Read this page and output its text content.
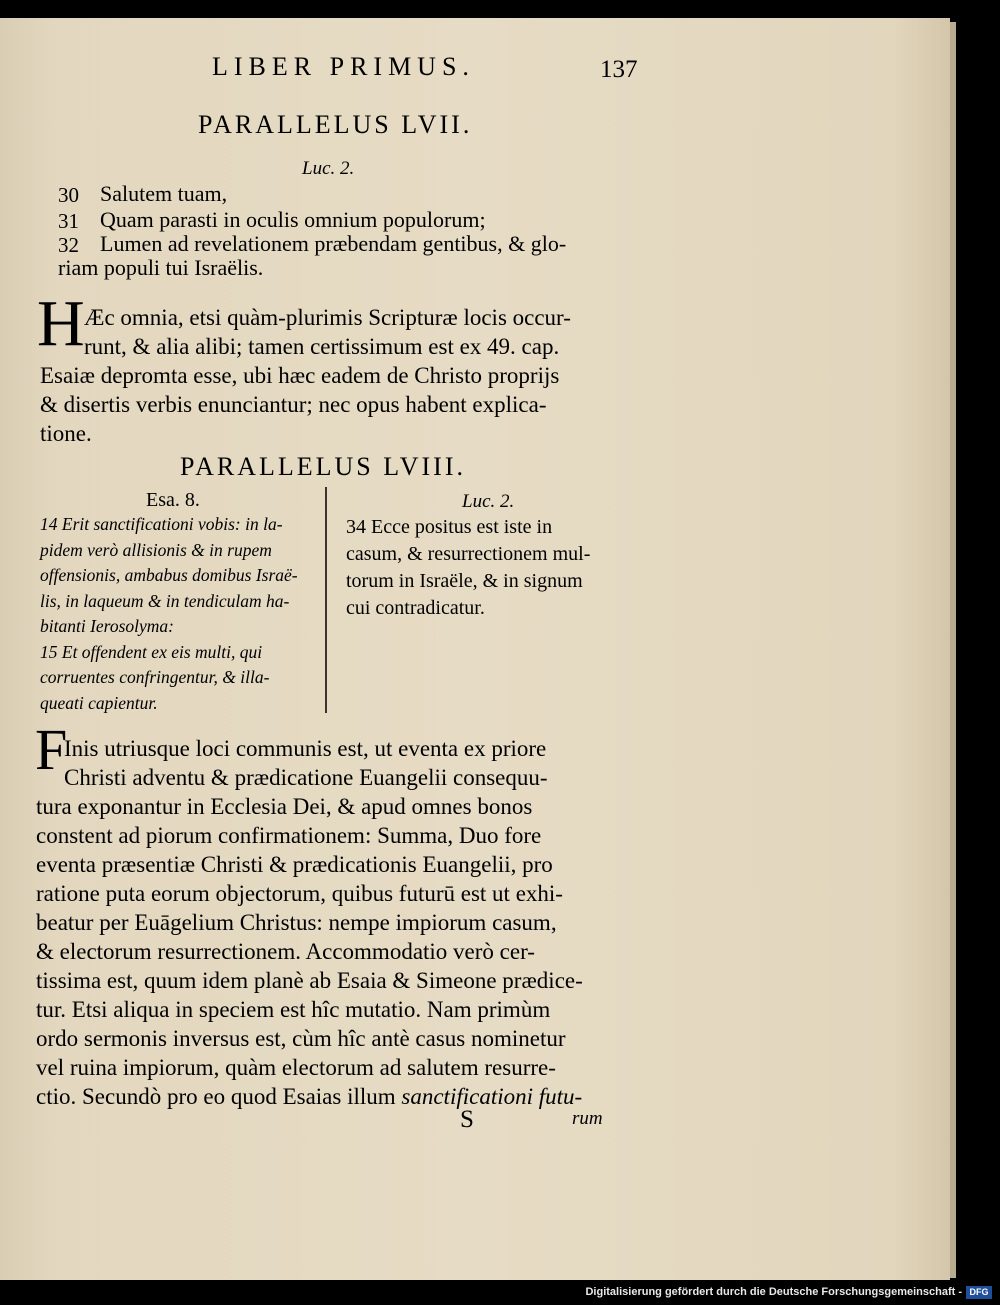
LIBER PRIMUS.	137
PARALLELUS LVII.
Luc. 2.
30 Salutem tuam,
31 Quam parasti in oculis omnium populorum;
32 Lumen ad revelationem præbendam gentibus, & glo-
riam populi tui Israëlis.
H Æc omnia, etsi quàm-plurimis Scripturæ locis occur-
runt, & alia alibi; tamen certissimum est ex 49. cap.
Esaiæ depromta esse, ubi hæc eadem de Christo proprijs
& disertis verbis enunciantur; nec opus habent explica-
tione.
PARALLELUS LVIII.
Esa. 8.	Luc. 2.
14 Erit sanctificationi vobis: in la-
pidem verò allisionis & in rupem
offensionis, ambabus domibus Israë-
lis, in laqueum & in tendiculam ha-
bitanti Ierosolyma:
15 Et offendent ex eis multi, qui
corruentes confringentur, & illa-
queati capientur.
34 Ecce positus est iste in
casum, & resurrectionem mul-
torum in Israële, & in signum
cui contradicatur.
F
Inis utriusque loci communis est, ut eventa ex priore
Christi adventu & prædicatione Euangelii consequu-
tura exponantur in Ecclesia Dei, & apud omnes bonos
constent ad piorum confirmationem: Summa, Duo fore
eventa præsentiæ Christi & prædicationis Euangelii, pro
ratione puta eorum objectorum, quibus futurū est ut exhi-
beatur per Euāgelium Christus: nempe impiorum casum,
& electorum resurrectionem. Accommodatio verò cer-
tissima est, quum idem planè ab Esaia & Simeone prædice-
tur. Etsi aliqua in speciem est hîc mutatio. Nam primùm
ordo sermonis inversus est, cùm hîc antè casus nominetur
vel ruina impiorum, quàm electorum ad salutem resurre-
ctio. Secundò pro eo quod Esaias illum sanctificationi futu-
S	rum
Digitalisierung gefördert durch die Deutsche Forschungsgemeinschaft - DFG
